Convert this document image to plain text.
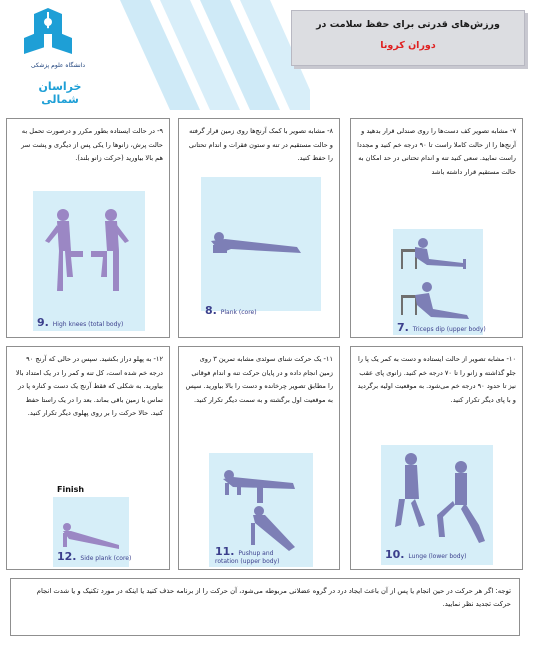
دانشگاه علوم پزشکی
خراسان شمالی
ورزش‌های قدرتی برای حفظ سلامت در
دوران کرونا
۷- مشابه تصویر کف دست‌ها را روی صندلی قرار بدهید و آرنج‌ها را از حالت کاملا راست تا ۹۰ درجه خم کنید و مجددا راست نمایید. سعی کنید تنه و اندام تحتانی در حد امکان به حالت مستقیم قرار داشته باشد
7. Triceps dip (upper body)
۸- مشابه تصویر با کمک آرنج‌ها روی زمین قرار گرفته و حالت مستقیم در تنه و ستون فقرات و اندام تحتانی را حفظ کنید.
8. Plank (core)
۹- در حالت ایستاده بطور مکرر و درصورت تحمل به حالت پرش، زانوها را یکی پس از دیگری و پشت سر هم بالا بیاورید (حرکت زانو بلند).
9. High knees (total body)
۱۰- مشابه تصویر از حالت ایستاده و دست به کمر یک پا را جلو گذاشته و زانو را تا ۷۰ درجه خم کنید. زانوی پای عقب نیز تا حدود ۹۰ درجه خم می‌شود. به موقعیت اولیه برگردید و با پای دیگر تکرار کنید.
10. Lunge (lower body)
۱۱- یک حرکت شنای سوئدی مشابه تمرین ۳ روی زمین انجام داده و در پایان حرکت تنه و اندام فوقانی را مطابق تصویر چرخانده و دست را بالا بیاورید. سپس به موقعیت اول برگشته و به سمت دیگر تکرار کنید.
11. Pushup and rotation (upper body)
۱۲- به پهلو دراز بکشید. سپس در حالی که آرنج ۹۰ درجه خم شده است، کل تنه و کمر را در یک امتداد بالا بیاورید. به شکلی که فقط آرنج یک دست و کناره پا در تماس با زمین باقی بماند. بعد را در یک راستا حفظ کنید. حالا حرکت را بر روی پهلوی دیگر تکرار کنید.
Finish
12. Side plank (core)
توجه: اگر هر حرکت در حین انجام یا پس از آن باعث ایجاد درد در گروه عضلانی مربوطه می‌شود، آن حرکت را از برنامه حذف کنید یا اینکه در مورد تکنیک و یا شدت انجام حرکت تجدید نظر نمایید.
